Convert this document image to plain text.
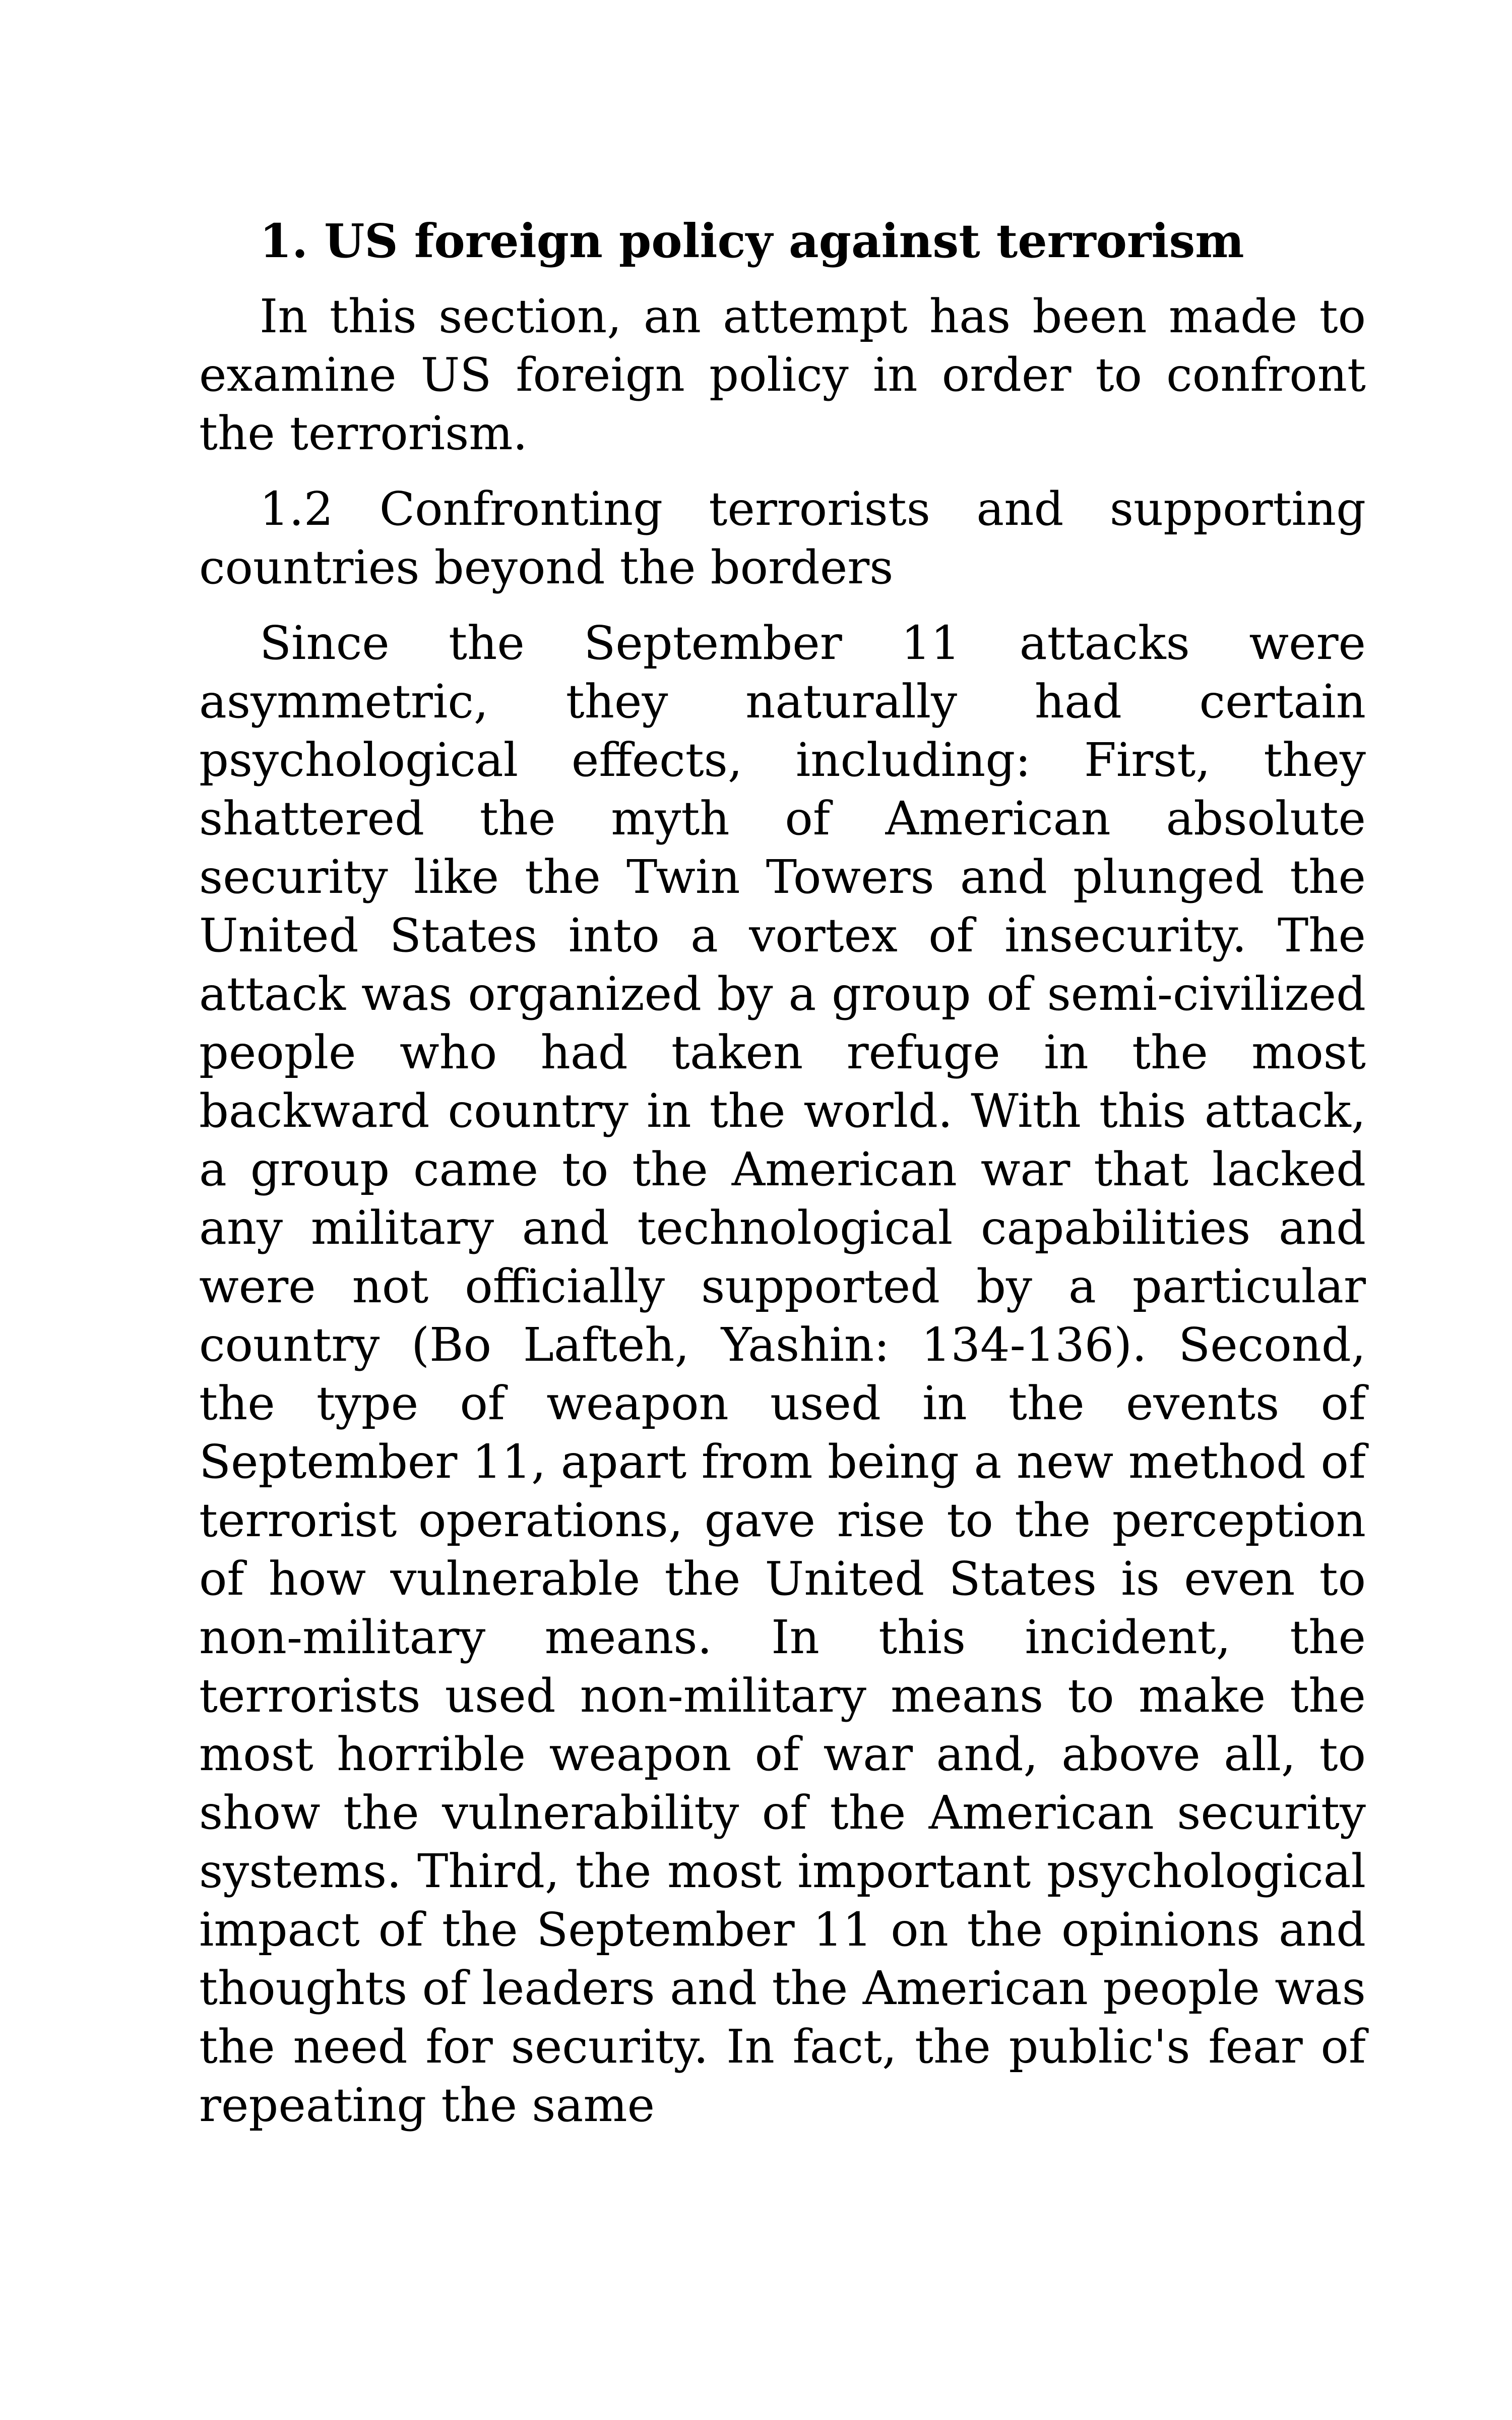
1. US foreign policy against terrorism

In this section, an attempt has been made to examine US foreign policy in order to confront the terrorism.

1.2 Confronting terrorists and supporting countries beyond the borders

Since the September 11 attacks were asymmetric, they naturally had certain psychological effects, including: First, they shattered the myth of American absolute security like the Twin Towers and plunged the United States into a vortex of insecurity. The attack was organized by a group of semi-civilized people who had taken refuge in the most backward country in the world. With this attack, a group came to the American war that lacked any military and technological capabilities and were not officially supported by a particular country (Bo Lafteh, Yashin: 134-136). Second, the type of weapon used in the events of September 11, apart from being a new method of terrorist operations, gave rise to the perception of how vulnerable the United States is even to non-military means. In this incident, the terrorists used non-military means to make the most horrible weapon of war and, above all, to show the vulnerability of the American security systems. Third, the most important psychological impact of the September 11 on the opinions and thoughts of leaders and the American people was the need for security. In fact, the public's fear of repeating the same
